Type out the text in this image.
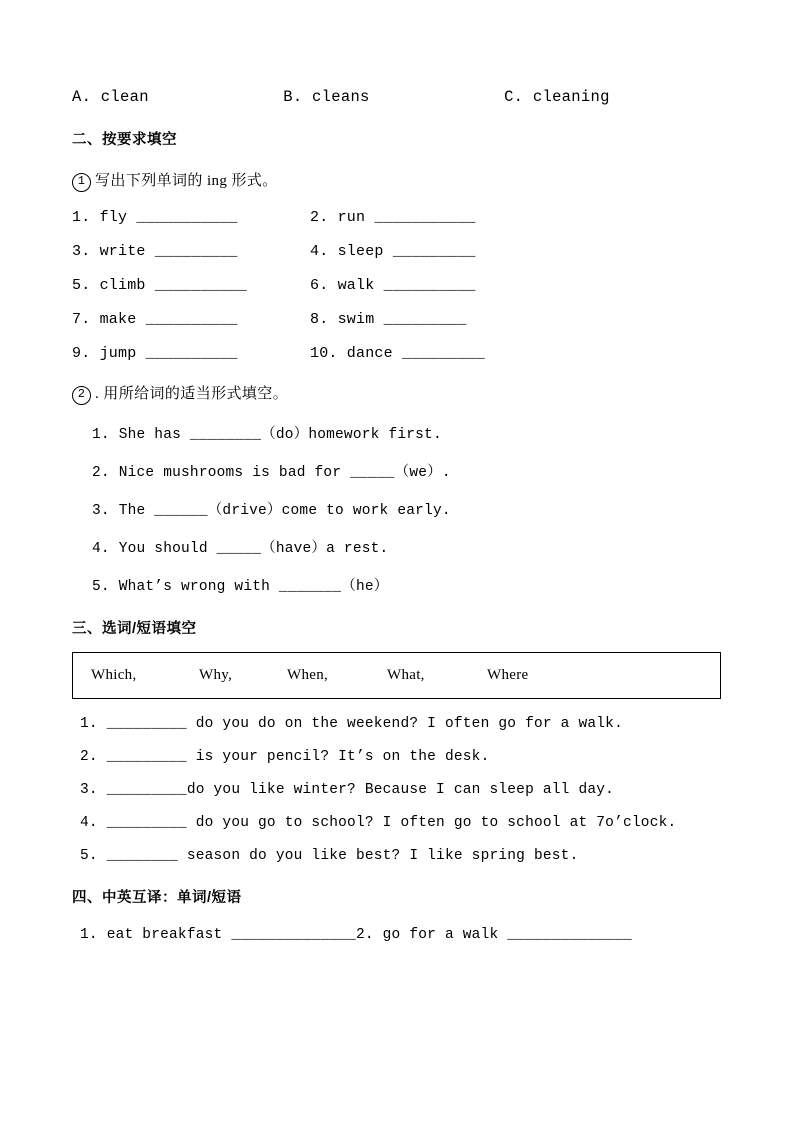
A. clean              B. cleans              C. cleaning
二、按要求填空
1 写出下列单词的 ing 形式。
1. fly ___________	2. run ___________
3. write _________	4. sleep _________
5. climb __________	6. walk __________
7. make __________	8. swim _________
9. jump __________	10. dance _________
2 . 用所给词的适当形式填空。
1. She has ________（do）homework first.
2. Nice mushrooms is bad for _____（we）.
3. The ______（drive）come to work early.
4. You should _____（have）a rest.
5. What’s wrong with _______（he）
三、选词/短语填空
Which,	Why,	When,	What,	Where
1. _________ do you do on the weekend? I often go for a walk.
2. _________ is your pencil? It’s on the desk.
3. _________do you like winter? Because I can sleep all day.
4. _________ do you go to school? I often go to school at 7o’clock.
5. ________ season do you like best? I like spring best.
四、中英互译：单词/短语
1. eat breakfast ______________2. go for a walk ______________
